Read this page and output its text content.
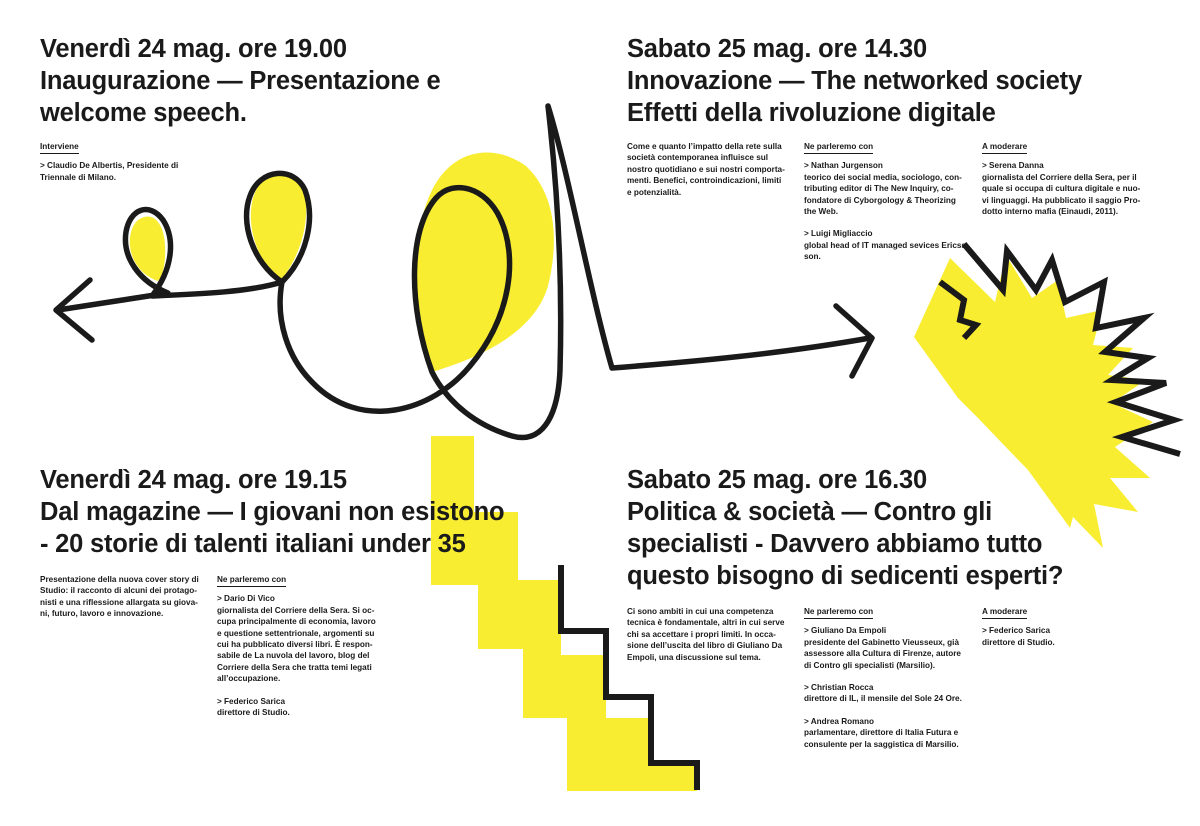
Venerdì 24 mag. ore 19.00
Inaugurazione — Presentazione e
welcome speech.
Interviene
> Claudio De Albertis, Presidente di
Triennale di Milano.
Sabato 25 mag. ore 14.30
Innovazione — The networked society
Effetti della rivoluzione digitale
Come e quanto l’impatto della rete sulla
società contemporanea influisce sul
nostro quotidiano e sui nostri comporta-
menti. Benefici, controindicazioni, limiti
e potenzialità.
Ne parleremo con
> Nathan Jurgenson
teorico dei social media, sociologo, con-
tributing editor di The New Inquiry, co-
fondatore di Cyborgology & Theorizing
the Web.
> Luigi Migliaccio
global head of IT managed sevices Ericss-
son.
A moderare
> Serena Danna
giornalista del Corriere della Sera, per il
quale si occupa di cultura digitale e nuo-
vi linguaggi. Ha pubblicato il saggio Pro-
dotto interno mafia (Einaudi, 2011).
Venerdì 24 mag. ore 19.15
Dal magazine — I giovani non esistono
- 20 storie di talenti italiani under 35
Presentazione della nuova cover story di
Studio: il racconto di alcuni dei protago-
nisti e una riflessione allargata su giova-
ni, futuro, lavoro e innovazione.
Ne parleremo con
> Dario Di Vico
giornalista del Corriere della Sera. Si oc-
cupa principalmente di economia, lavoro
e questione settentrionale, argomenti su
cui ha pubblicato diversi libri. È respon-
sabile de La nuvola del lavoro, blog del
Corriere della Sera che tratta temi legati
all’occupazione.
> Federico Sarica
direttore di Studio.
Sabato 25 mag. ore 16.30
Politica & società — Contro gli
specialisti - Davvero abbiamo tutto
questo bisogno di sedicenti esperti?
Ci sono ambiti in cui una competenza
tecnica è fondamentale, altri in cui serve
chi sa accettare i propri limiti. In occa-
sione dell’uscita del libro di Giuliano Da
Empoli, una discussione sul tema.
Ne parleremo con
> Giuliano Da Empoli
presidente del Gabinetto Vieusseux, già
assessore alla Cultura di Firenze, autore
di Contro gli specialisti (Marsilio).
> Christian Rocca
direttore di IL, il mensile del Sole 24 Ore.
> Andrea Romano
parlamentare, direttore di Italia Futura e
consulente per la saggistica di Marsilio.
A moderare
> Federico Sarica
direttore di Studio.
